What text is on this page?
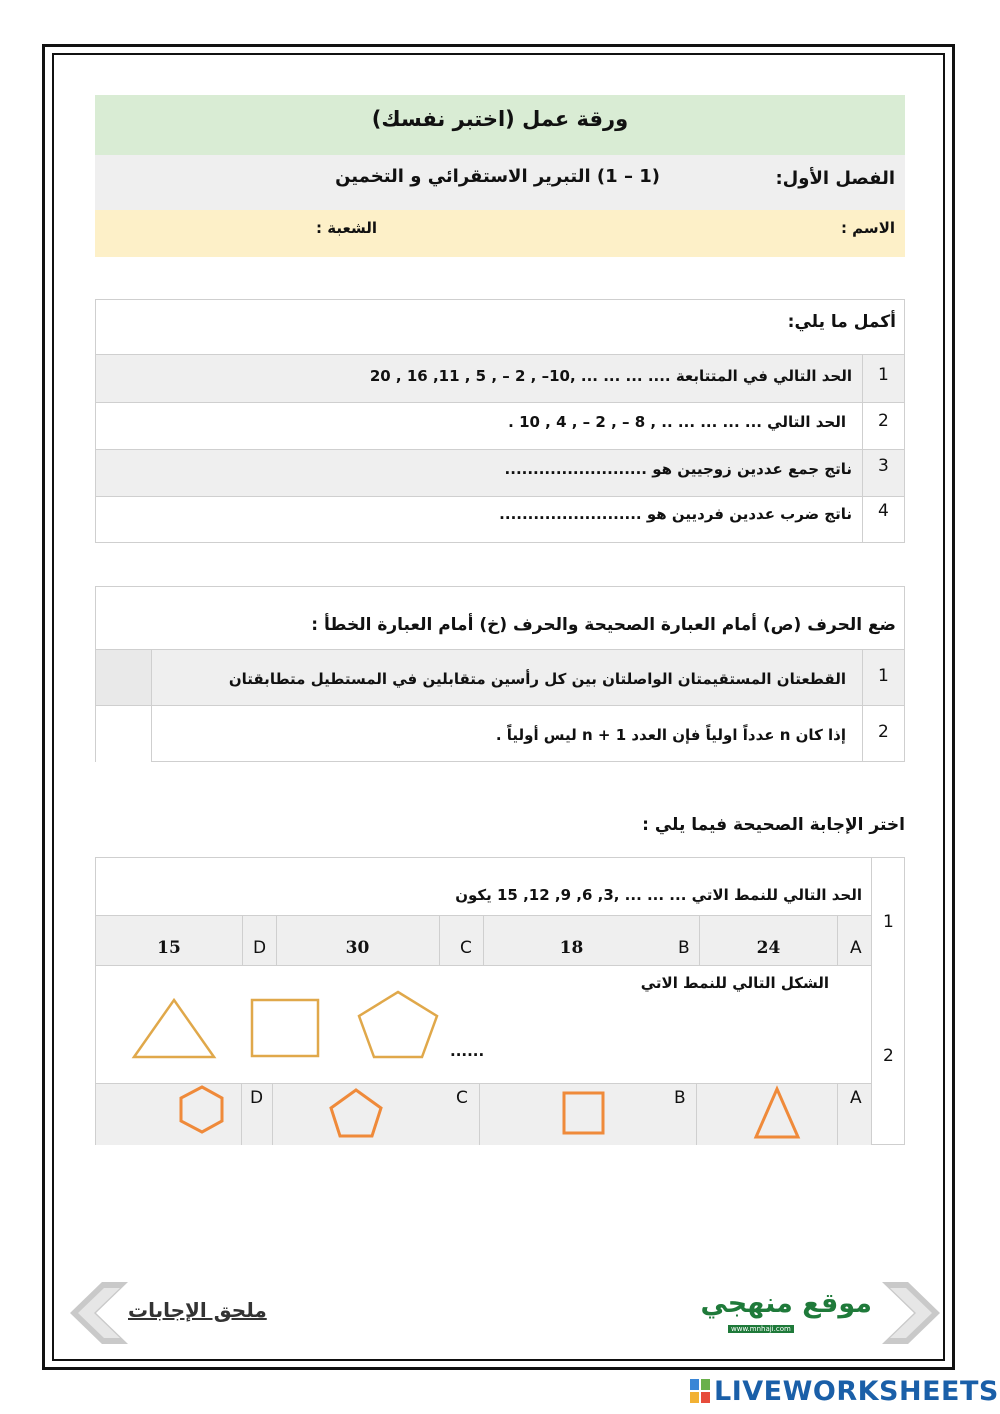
ورقة عمل (اختبر نفسك)
الفصل الأول:
(1 – 1) التبرير الاستقرائي و التخمين
الاسم :
الشعبة :
أكمل ما يلي:
1
الحد التالي في المتتابعة .... ... ... ... ,10– , 2 – , 5 , 11, 16 , 20
2
الحد التالي ... ... ... ... .. , 8 – , 2 – , 4 , 10 .
3
ناتج جمع عددين زوجيين هو .........................
4
ناتج ضرب عددين فرديين هو .........................
ضع الحرف (ص) أمام العبارة الصحيحة والحرف (خ) أمام العبارة الخطأ :
1
القطعتان المستقيمتان الواصلتان بين كل رأسين متقابلين في المستطيل متطابقتان
2
إذا كان n عدداً اولياً فإن العدد n + 1 ليس أولياً .
اختر الإجابة الصحيحة فيما يلي :
1
2
الحد التالي للنمط الاتي ... ... ... ,3, 6, 9, 12, 15 يكون
A
24
B
18
C
30
D
15
الشكل التالي للنمط الاتي
......
A
B
C
D
ملحق الإجابات	موقع منهجي
www.mnhaji.com
LIVEWORKSHEETS
